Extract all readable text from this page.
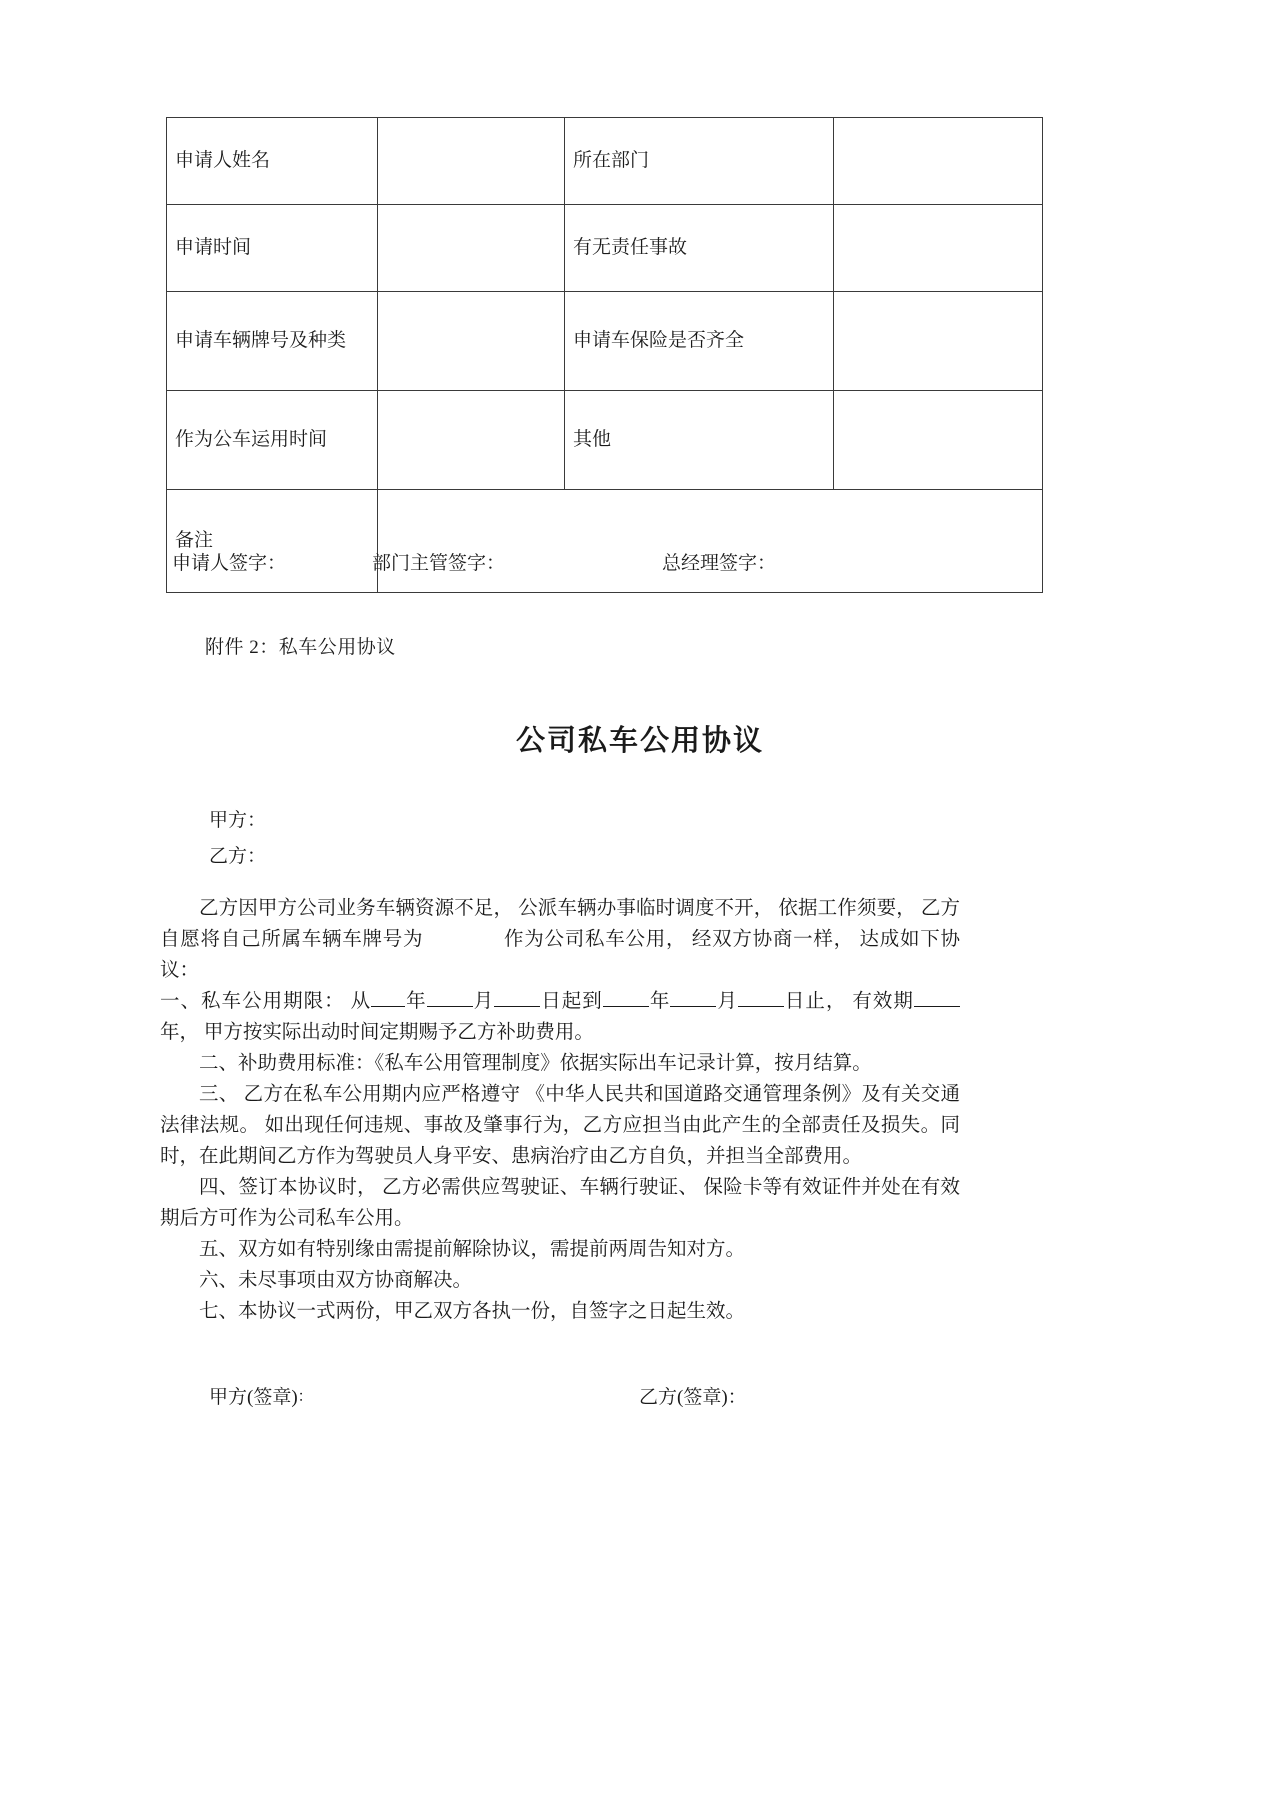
申请人姓名		所在部门	
申请时间		有无责任事故	
申请车辆牌号及种类		申请车保险是否齐全	
作为公车运用时间		其他	
备注			
申请人签字：	部门主管签字：	总经理签字：
附件 2：私车公用协议
公司私车公用协议
甲方：
乙方：

乙方因甲方公司业务车辆资源不足， 公派车辆办事临时调度不开， 依据工作须要， 乙方自愿将自己所属车辆车牌号为	作为公司私车公用， 经双方协商一样， 达成如下协议：

一、私车公用期限： 从 年 月 日起到 年 月 日止， 有效期年， 甲方按实际出动时间定期赐予乙方补助费用。

二、补助费用标准：《私车公用管理制度》依据实际出车记录计算，按月结算。

三、 乙方在私车公用期内应严格遵守 《中华人民共和国道路交通管理条例》及有关交通法律法规。 如出现任何违规、事故及肇事行为，乙方应担当由此产生的全部责任及损失。同时，在此期间乙方作为驾驶员人身平安、患病治疗由乙方自负，并担当全部费用。

四、签订本协议时， 乙方必需供应驾驶证、车辆行驶证、 保险卡等有效证件并处在有效期后方可作为公司私车公用。

五、双方如有特别缘由需提前解除协议，需提前两周告知对方。

六、未尽事项由双方协商解决。

七、本协议一式两份，甲乙双方各执一份，自签字之日起生效。

甲方(签章)：	乙方(签章)：
